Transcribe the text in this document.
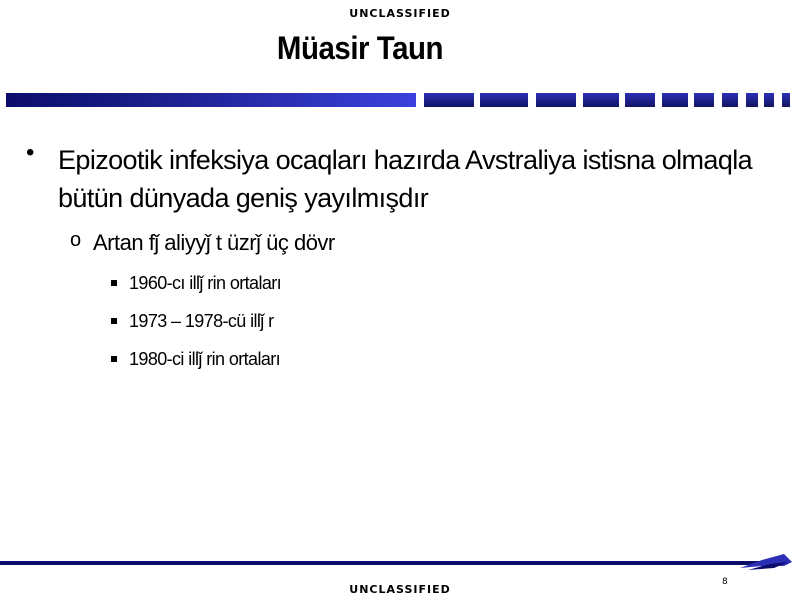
UNCLASSIFIED
Müasir Taun
• Epizootik infeksiya ocaqları hazırda Avstraliya istisna olmaqla bütün dünyada geniş yayılmışdır
o Artan fǰ aliyyǰ t üzrǰ üç dövr
1960-cı illǰ rin ortaları
1973 – 1978-cü illǰ r
1980-ci illǰ rin ortaları
8
UNCLASSIFIED
